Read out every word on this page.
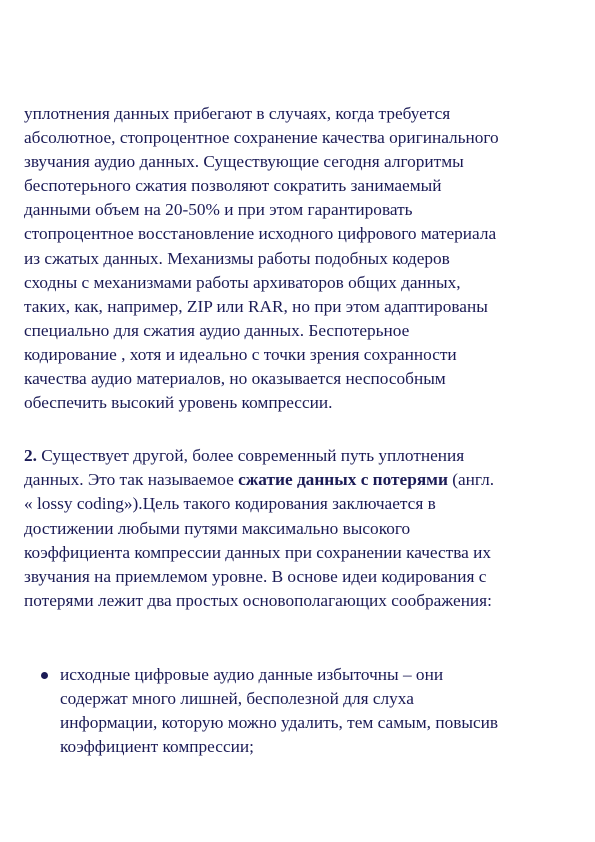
уплотнения данных прибегают в случаях, когда требуется
абсолютное, стопроцентное сохранение качества оригинального
звучания аудио данных. Существующие сегодня алгоритмы
беспотерьного сжатия позволяют сократить занимаемый
данными объем на 20-50% и при этом гарантировать
стопроцентное восстановление исходного цифрового материала
из сжатых данных. Механизмы работы подобных кодеров
сходны с механизмами работы архиваторов общих данных,
таких, как, например, ZIP или RAR, но при этом адаптированы
специально для сжатия аудио данных. Беспотерьное
кодирование , хотя и идеально с точки зрения сохранности
качества аудио материалов, но оказывается неспособным
обеспечить высокий уровень компрессии.

2. Существует другой, более современный путь уплотнения
данных. Это так называемое сжатие данных с потерями (англ.
« lossy coding»).Цель такого кодирования заключается в
достижении любыми путями максимально высокого
коэффициента компрессии данных при сохранении качества их
звучания на приемлемом уровне. В основе идеи кодирования с
потерями лежит два простых основополагающих соображения:

исходные цифровые аудио данные избыточны – они
содержат много лишней, бесполезной для слуха
информации, которую можно удалить, тем самым, повысив
коэффициент компрессии;
